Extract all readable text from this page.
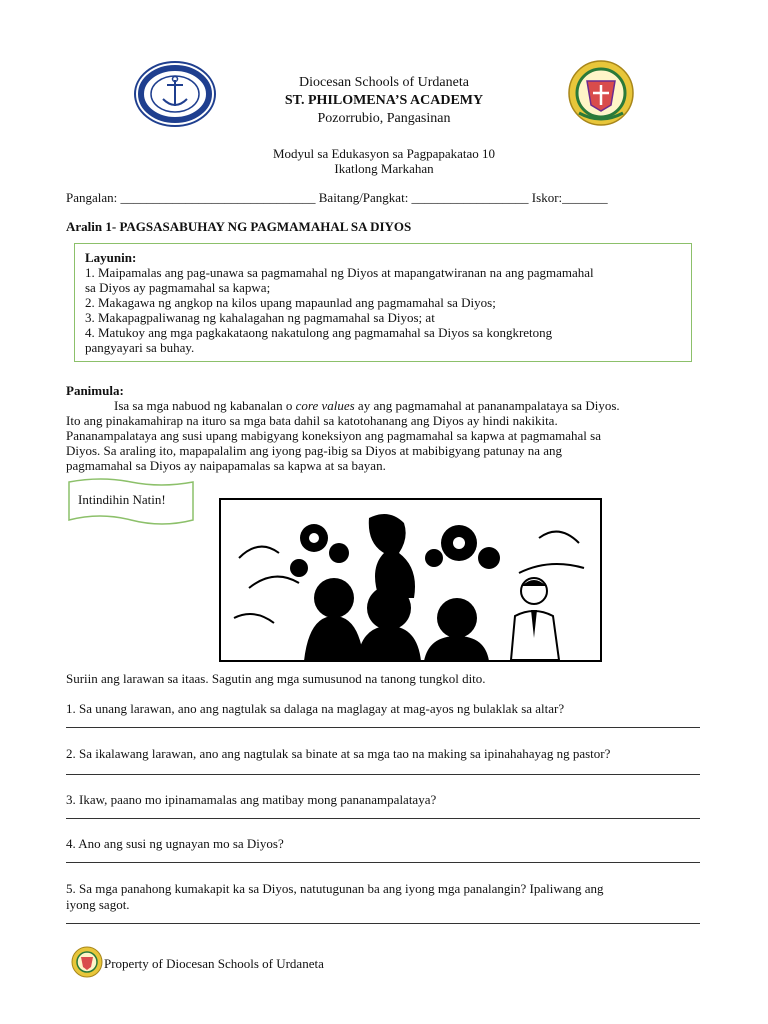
Diocesan Schools of Urdaneta
ST. PHILOMENA’S ACADEMY
Pozorrubio, Pangasinan
Modyul sa Edukasyon sa Pagpapakatao 10
Ikatlong Markahan
Pangalan: ______________________________ Baitang/Pangkat: __________________ Iskor:_______
Aralin 1- PAGSASABUHAY NG PAGMAMAHAL SA DIYOS
Layunin:
1. Maipamalas ang pag-unawa sa pagmamahal ng Diyos at mapangatwiranan na ang pagmamahal
sa Diyos ay pagmamahal sa kapwa;
2. Makagawa ng angkop na kilos upang mapaunlad ang pagmamahal sa Diyos;
3. Makapagpaliwanag ng kahalagahan ng pagmamahal sa Diyos; at
4. Matukoy ang mga pagkakataong nakatulong ang pagmamahal sa Diyos sa kongkretong
pangyayari sa buhay.
Panimula:
Isa sa mga nabuod ng kabanalan o core values ay ang pagmamahal at pananampalataya sa Diyos.
Ito ang pinakamahirap na ituro sa mga bata dahil sa katotohanang ang Diyos ay hindi nakikita.
Pananampalataya ang susi upang mabigyang koneksiyon ang pagmamahal sa kapwa at pagmamahal sa
Diyos. Sa araling ito, mapapalalim ang iyong pag-ibig sa Diyos at mabibigyang patunay na ang
pagmamahal sa Diyos ay naipapamalas sa kapwa at sa bayan.
Intindihin Natin!
Suriin ang larawan sa itaas. Sagutin ang mga sumusunod na tanong tungkol dito.
1. Sa unang larawan, ano ang nagtulak sa dalaga na maglagay at mag-ayos ng bulaklak sa altar?
2. Sa ikalawang larawan, ano ang nagtulak sa binate at sa mga tao na making sa ipinahahayag ng pastor?
3. Ikaw, paano mo ipinamamalas ang matibay mong pananampalataya?
4. Ano ang susi ng ugnayan mo sa Diyos?
5. Sa mga panahong kumakapit ka sa Diyos, natutugunan ba ang iyong mga panalangin? Ipaliwang ang
iyong sagot.
Property of Diocesan Schools of Urdaneta
